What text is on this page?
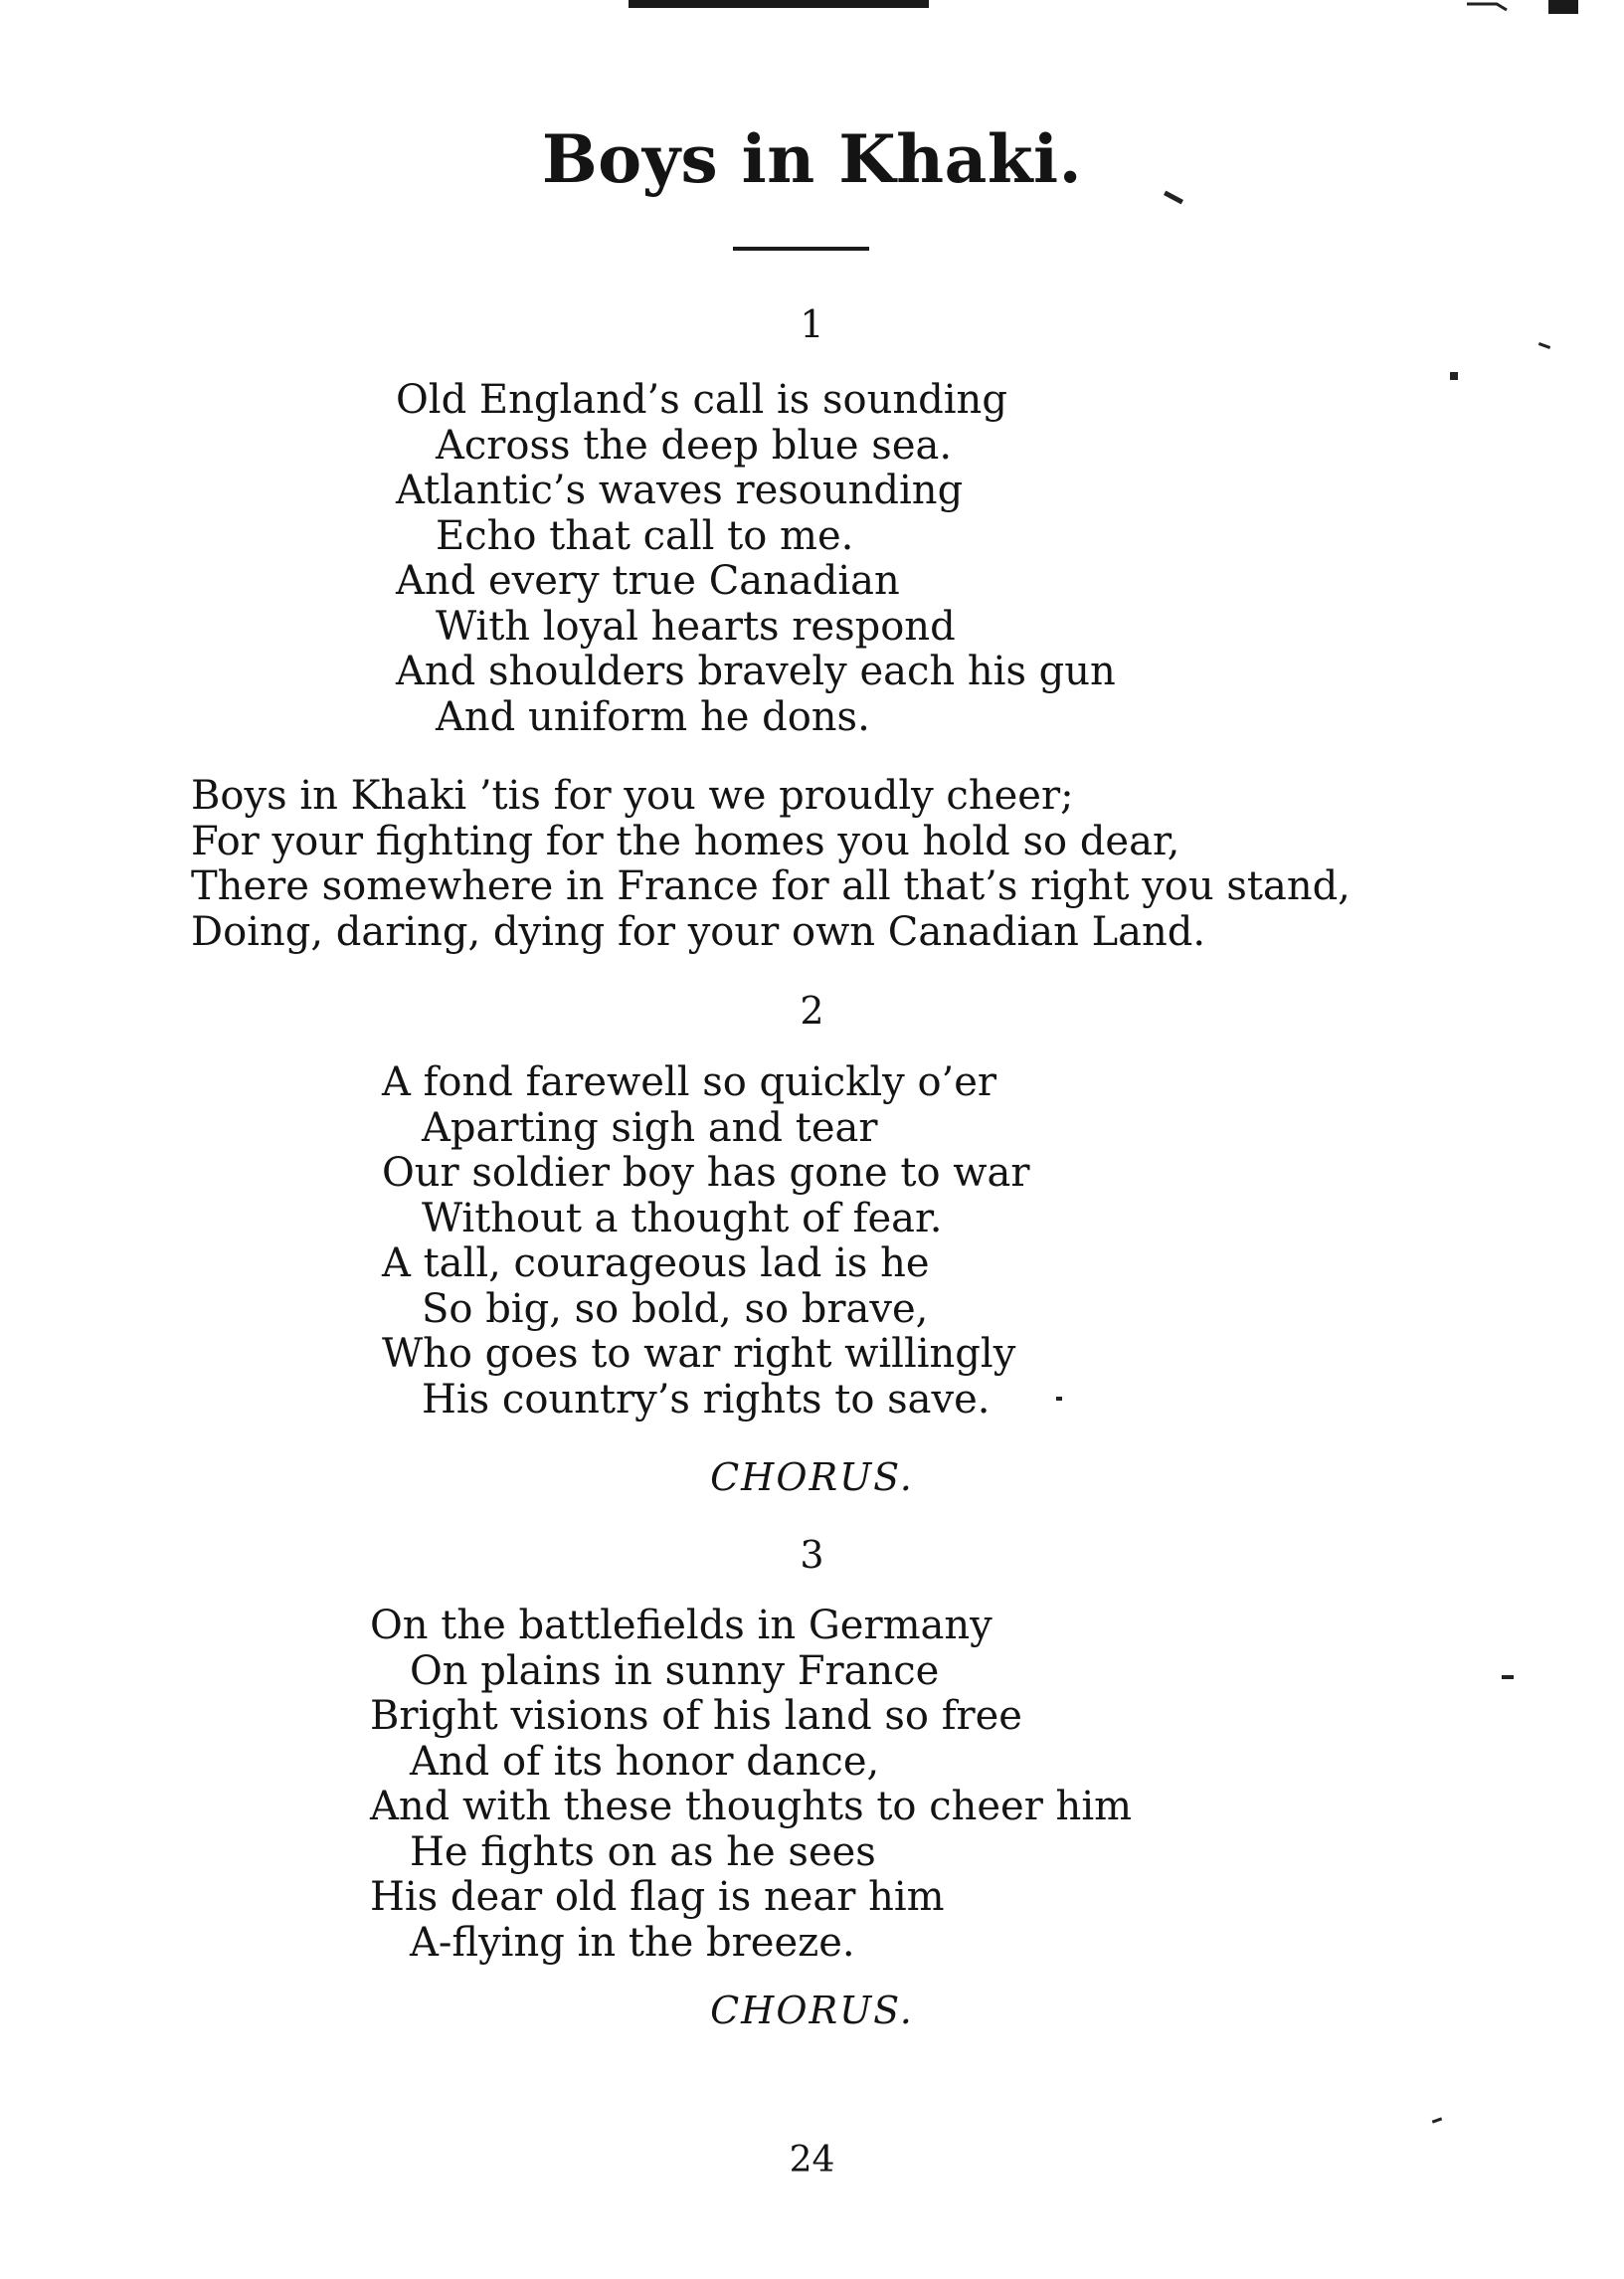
Boys in Khaki.
1
Old England’s call is sounding
Across the deep blue sea.
Atlantic’s waves resounding
Echo that call to me.
And every true Canadian
With loyal hearts respond
And shoulders bravely each his gun
And uniform he dons.
Boys in Khaki ’tis for you we proudly cheer;
For your fighting for the homes you hold so dear,
There somewhere in France for all that’s right you stand,
Doing, daring, dying for your own Canadian Land.
2
A fond farewell so quickly o’er
Aparting sigh and tear
Our soldier boy has gone to war
Without a thought of fear.
A tall, courageous lad is he
So big, so bold, so brave,
Who goes to war right willingly
His country’s rights to save.
CHORUS.
3
On the battlefields in Germany
On plains in sunny France
Bright visions of his land so free
And of its honor dance,
And with these thoughts to cheer him
He fights on as he sees
His dear old flag is near him
A-flying in the breeze.
CHORUS.
24
